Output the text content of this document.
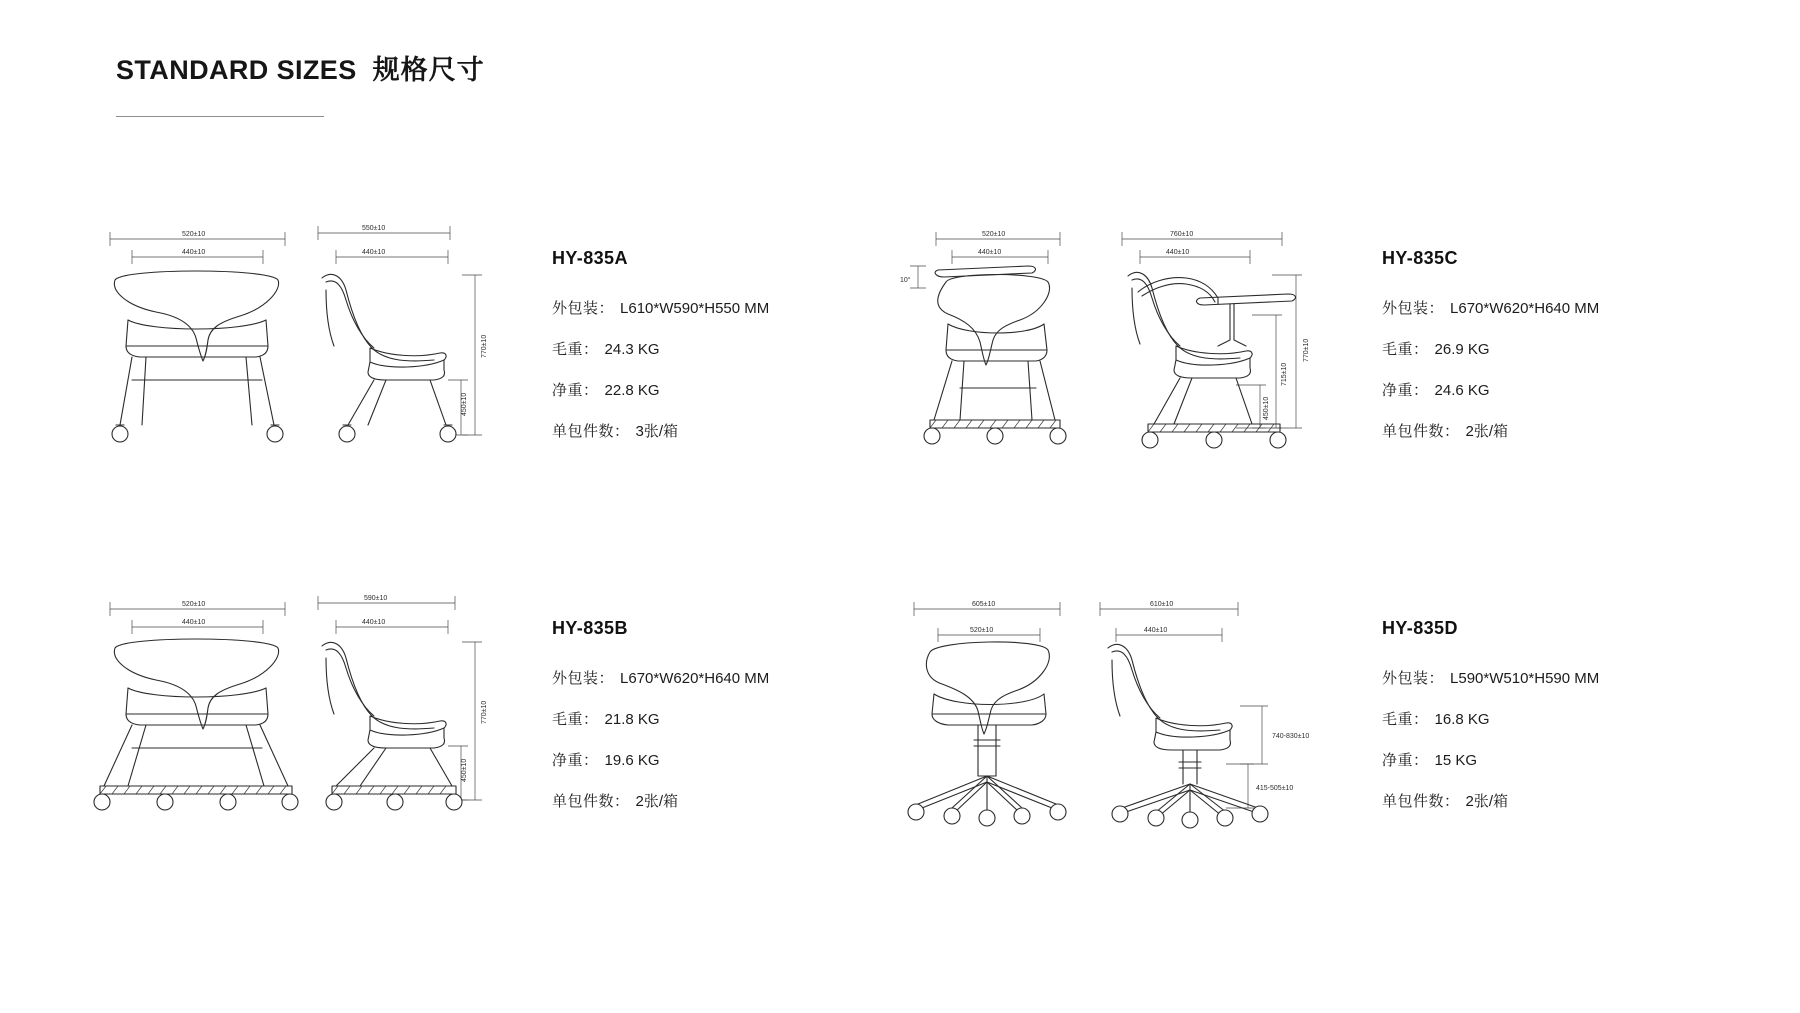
STANDARD SIZES 规格尺寸
520±10
440±10
550±10
440±10
770±10
450±10
HY-835A
外包装： L610*W590*H550 MM
毛重： 24.3 KG
净重： 22.8 KG
单包件数： 3张/箱
520±10
440±10
10°
760±10
440±10
770±10
715±10
450±10
HY-835C
外包装： L670*W620*H640 MM
毛重： 26.9 KG
净重： 24.6 KG
单包件数： 2张/箱
520±10
440±10
590±10
440±10
770±10
450±10
HY-835B
外包装： L670*W620*H640 MM
毛重： 21.8 KG
净重： 19.6 KG
单包件数： 2张/箱
605±10
520±10
610±10
440±10
740-830±10
415-505±10
HY-835D
外包装： L590*W510*H590 MM
毛重： 16.8 KG
净重： 15 KG
单包件数： 2张/箱
